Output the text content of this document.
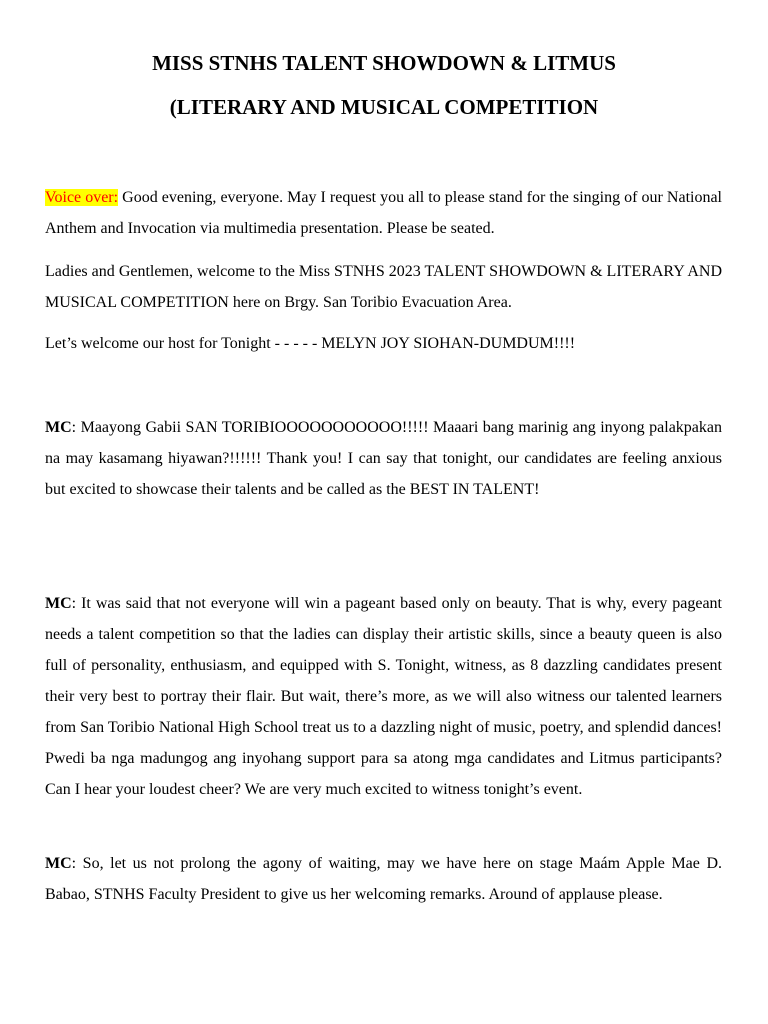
MISS STNHS TALENT SHOWDOWN & LITMUS
(LITERARY AND MUSICAL COMPETITION

Voice over: Good evening, everyone. May I request you all to please stand for the singing of our National Anthem and Invocation via multimedia presentation. Please be seated.

Ladies and Gentlemen, welcome to the Miss STNHS 2023 TALENT SHOWDOWN & LITERARY AND MUSICAL COMPETITION here on Brgy. San Toribio Evacuation Area.

Let’s welcome our host for Tonight - - - - - MELYN JOY SIOHAN-DUMDUM!!!!

MC: Maayong Gabii SAN TORIBIOOOOOOOOOOO!!!!! Maaari bang marinig ang inyong palakpakan na may kasamang hiyawan?!!!!!! Thank you! I can say that tonight, our candidates are feeling anxious but excited to showcase their talents and be called as the BEST IN TALENT!

MC: It was said that not everyone will win a pageant based only on beauty. That is why, every pageant needs a talent competition so that the ladies can display their artistic skills, since a beauty queen is also full of personality, enthusiasm, and equipped with S. Tonight, witness, as 8 dazzling candidates present their very best to portray their flair. But wait, there’s more, as we will also witness our talented learners from San Toribio National High School treat us to a dazzling night of music, poetry, and splendid dances! Pwedi ba nga madungog ang inyohang support para sa atong mga candidates and Litmus participants? Can I hear your loudest cheer? We are very much excited to witness tonight’s event.

MC: So, let us not prolong the agony of waiting, may we have here on stage Maám Apple Mae D. Babao, STNHS Faculty President to give us her welcoming remarks. Around of applause please.
